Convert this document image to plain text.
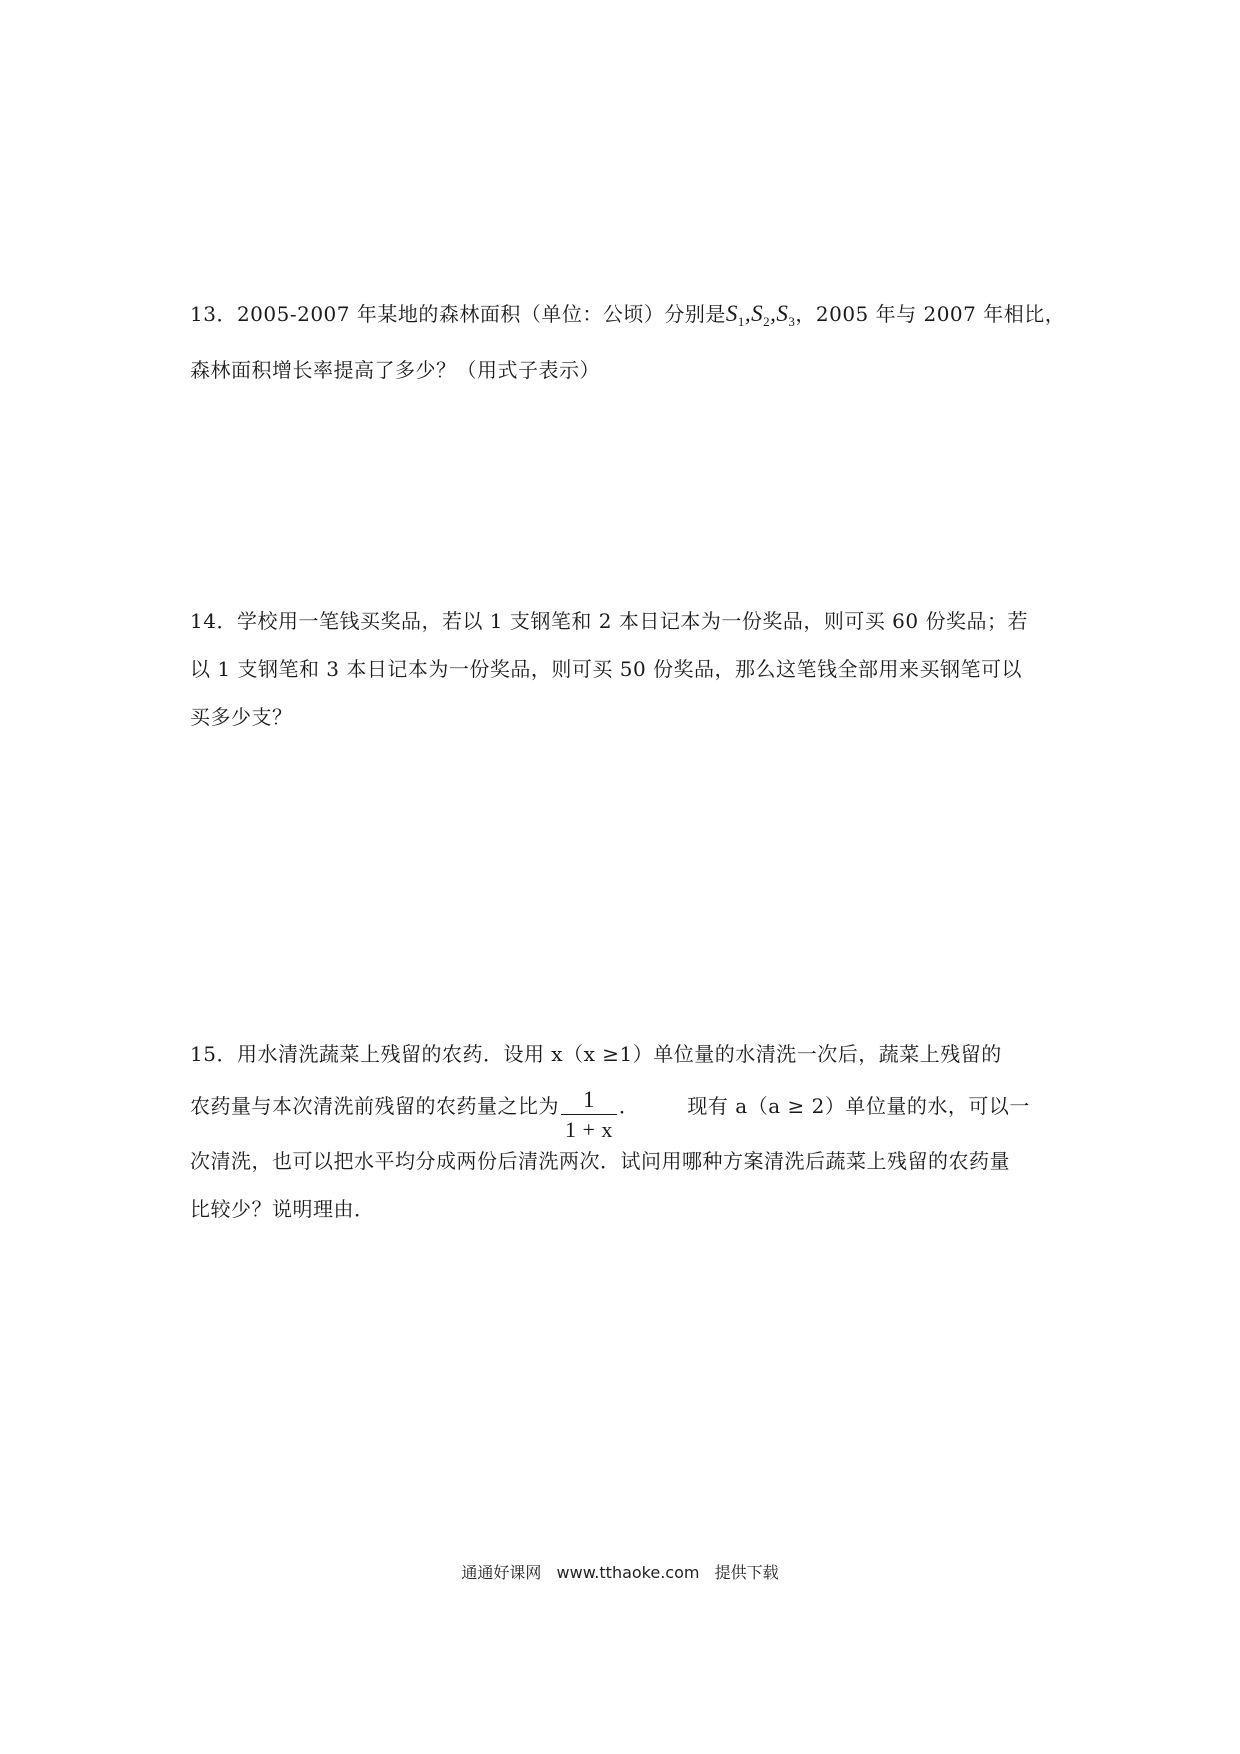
13．2005-2007 年某地的森林面积（单位：公顷）分别是$S_1,S_2,S_3$，2005 年与 2007 年相比，
森林面积增长率提高了多少？（用式子表示）
14．学校用一笔钱买奖品，若以 1 支钢笔和 2 本日记本为一份奖品，则可买 60 份奖品；若
以 1 支钢笔和 3 本日记本为一份奖品，则可买 50 份奖品，那么这笔钱全部用来买钢笔可以
买多少支？
15．用水清洗蔬菜上残留的农药．设用 x（x ≥1）单位量的水清洗一次后，蔬菜上残留的
农药量与本次清洗前残留的农药量之比为 $\frac{1}{1 + x}$ ． 现有 a（a ≥ 2）单位量的水，可以一
次清洗，也可以把水平均分成两份后清洗两次．试问用哪种方案清洗后蔬菜上残留的农药量
比较少？说明理由．
通通好课网 www.tthaoke.com 提供下载
